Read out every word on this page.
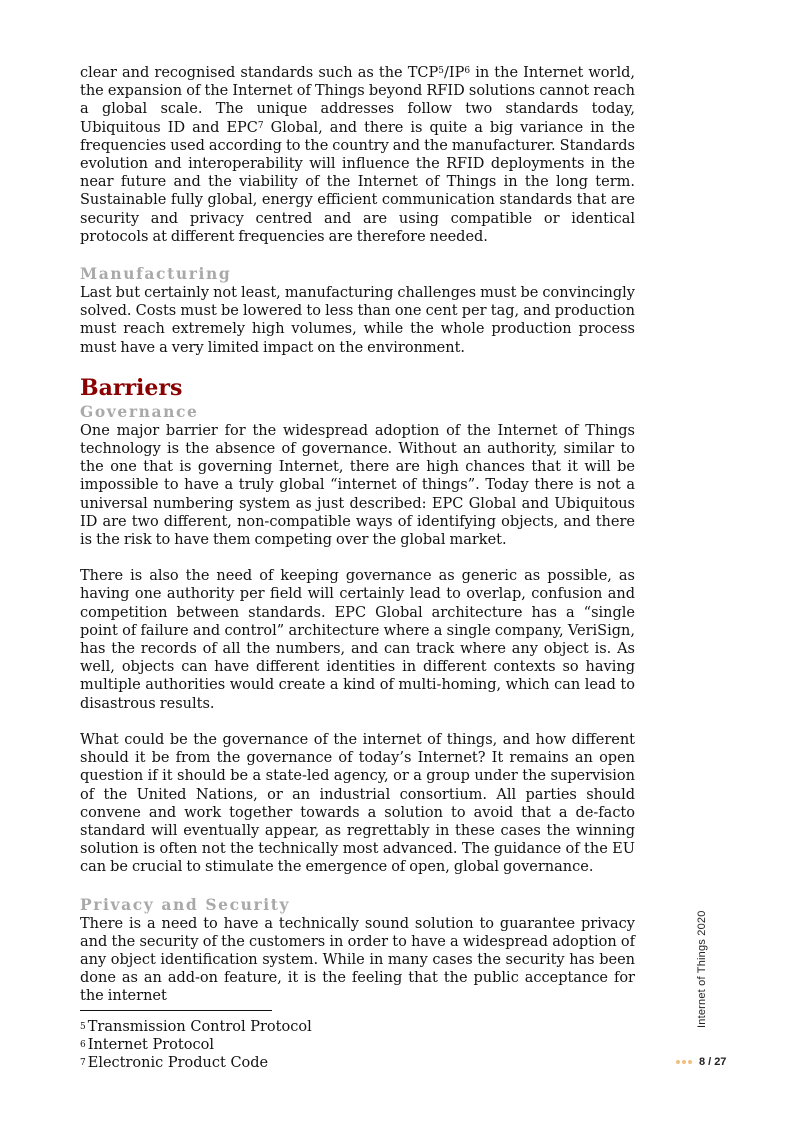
clear and recognised standards such as the TCP$^5$/IP$^6$ in the Internet world, the expansion of the Internet of Things beyond RFID solutions cannot reach a global scale. The unique addresses follow two standards today, Ubiquitous ID and EPC$^7$ Global, and there is quite a big variance in the frequencies used according to the country and the manufacturer. Standards evolution and interoperability will influence the RFID deployments in the near future and the viability of the Internet of Things in the long term. Sustainable fully global, energy efficient communication standards that are security and privacy centred and are using compatible or identical protocols at different frequencies are therefore needed.

Manufacturing

Last but certainly not least, manufacturing challenges must be convincingly solved. Costs must be lowered to less than one cent per tag, and production must reach extremely high volumes, while the whole production process must have a very limited impact on the environment.

Barriers
Governance

One major barrier for the widespread adoption of the Internet of Things technology is the absence of governance. Without an authority, similar to the one that is governing Internet, there are high chances that it will be impossible to have a truly global “internet of things”. Today there is not a universal numbering system as just described: EPC Global and Ubiquitous ID are two different, non-compatible ways of identifying objects, and there is the risk to have them competing over the global market.

There is also the need of keeping governance as generic as possible, as having one authority per field will certainly lead to overlap, confusion and competition between standards. EPC Global architecture has a “single point of failure and control” architecture where a single company, VeriSign, has the records of all the numbers, and can track where any object is. As well, objects can have different identities in different contexts so having multiple authorities would create a kind of multi-homing, which can lead to disastrous results.

What could be the governance of the internet of things, and how different should it be from the governance of today’s Internet? It remains an open question if it should be a state-led agency, or a group under the supervision of the United Nations, or an industrial consortium. All parties should convene and work together towards a solution to avoid that a de-facto standard will eventually appear, as regrettably in these cases the winning solution is often not the technically most advanced. The guidance of the EU can be crucial to stimulate the emergence of open, global governance.

Privacy and Security

There is a need to have a technically sound solution to guarantee privacy and the security of the customers in order to have a widespread adoption of any object identification system. While in many cases the security has been done as an add-on feature, it is the feeling that the public acceptance for the internet

5 Transmission Control Protocol
6 Internet Protocol
7 Electronic Product Code
Internet of Things 2020
8 / 27
